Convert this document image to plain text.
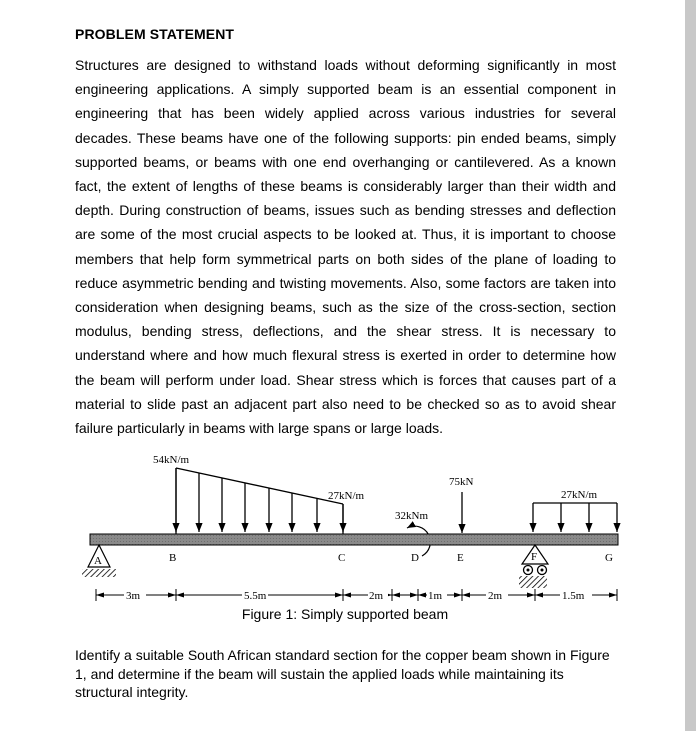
PROBLEM STATEMENT
Structures are designed to withstand loads without deforming significantly in most engineering applications. A simply supported beam is an essential component in engineering that has been widely applied across various industries for several decades. These beams have one of the following supports: pin ended beams, simply supported beams, or beams with one end overhanging or cantilevered. As a known fact, the extent of lengths of these beams is considerably larger than their width and depth. During construction of beams, issues such as bending stresses and deflection are some of the most crucial aspects to be looked at. Thus, it is important to choose members that help form symmetrical parts on both sides of the plane of loading to reduce asymmetric bending and twisting movements. Also, some factors are taken into consideration when designing beams, such as the size of the cross-section, section modulus, bending stress, deflections, and the shear stress. It is necessary to understand where and how much flexural stress is exerted in order to determine how the beam will perform under load. Shear stress which is forces that causes part of a material to slide past an adjacent part also need to be checked so as to avoid shear failure particularly in beams with large spans or large loads.
54kN/m
27kN/m
32kNm
75kN
27kN/m
A	B	C	D	E	F	G
3m	5.5m	2m	1m	2m	1.5m
Figure 1: Simply supported beam
Identify a suitable South African standard section for the copper beam shown in Figure 1, and determine if the beam will sustain the applied loads while maintaining its structural integrity.
